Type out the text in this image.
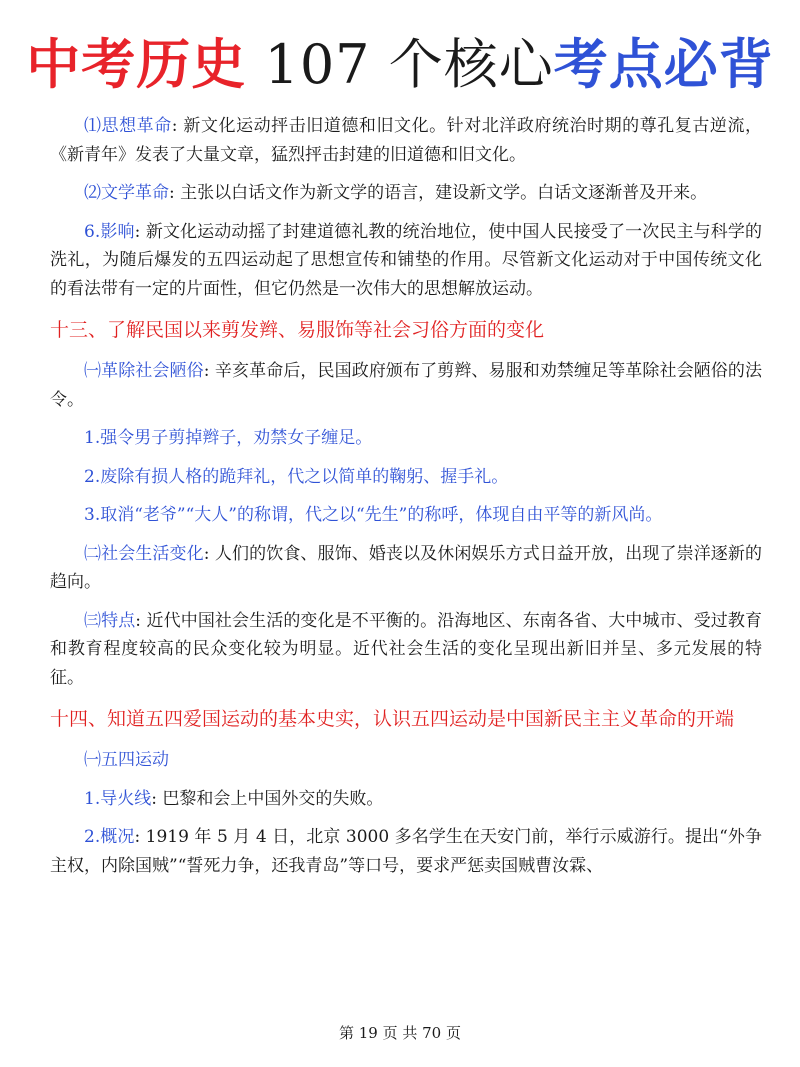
中考历史 107 个核心考点必背

⑴思想革命: 新文化运动抨击旧道德和旧文化。针对北洋政府统治时期的尊孔复古逆流，《新青年》发表了大量文章，猛烈抨击封建的旧道德和旧文化。

⑵文学革命: 主张以白话文作为新文学的语言，建设新文学。白话文逐渐普及开来。

6.影响: 新文化运动动摇了封建道德礼教的统治地位，使中国人民接受了一次民主与科学的洗礼，为随后爆发的五四运动起了思想宣传和铺垫的作用。尽管新文化运动对于中国传统文化的看法带有一定的片面性，但它仍然是一次伟大的思想解放运动。

十三、了解民国以来剪发辫、易服饰等社会习俗方面的变化

㈠革除社会陋俗: 辛亥革命后，民国政府颁布了剪辫、易服和劝禁缠足等革除社会陋俗的法令。

1.强令男子剪掉辫子，劝禁女子缠足。

2.废除有损人格的跪拜礼，代之以简单的鞠躬、握手礼。

3.取消“老爷”“大人”的称谓，代之以“先生”的称呼，体现自由平等的新风尚。

㈡社会生活变化: 人们的饮食、服饰、婚丧以及休闲娱乐方式日益开放，出现了崇洋逐新的趋向。

㈢特点: 近代中国社会生活的变化是不平衡的。沿海地区、东南各省、大中城市、受过教育和教育程度较高的民众变化较为明显。近代社会生活的变化呈现出新旧并呈、多元发展的特征。

十四、知道五四爱国运动的基本史实，认识五四运动是中国新民主主义革命的开端

㈠五四运动

1.导火线: 巴黎和会上中国外交的失败。

2.概况: 1919 年 5 月 4 日，北京 3000 多名学生在天安门前，举行示威游行。提出“外争主权，内除国贼”“誓死力争，还我青岛”等口号，要求严惩卖国贼曹汝霖、

第 19 页 共 70 页
